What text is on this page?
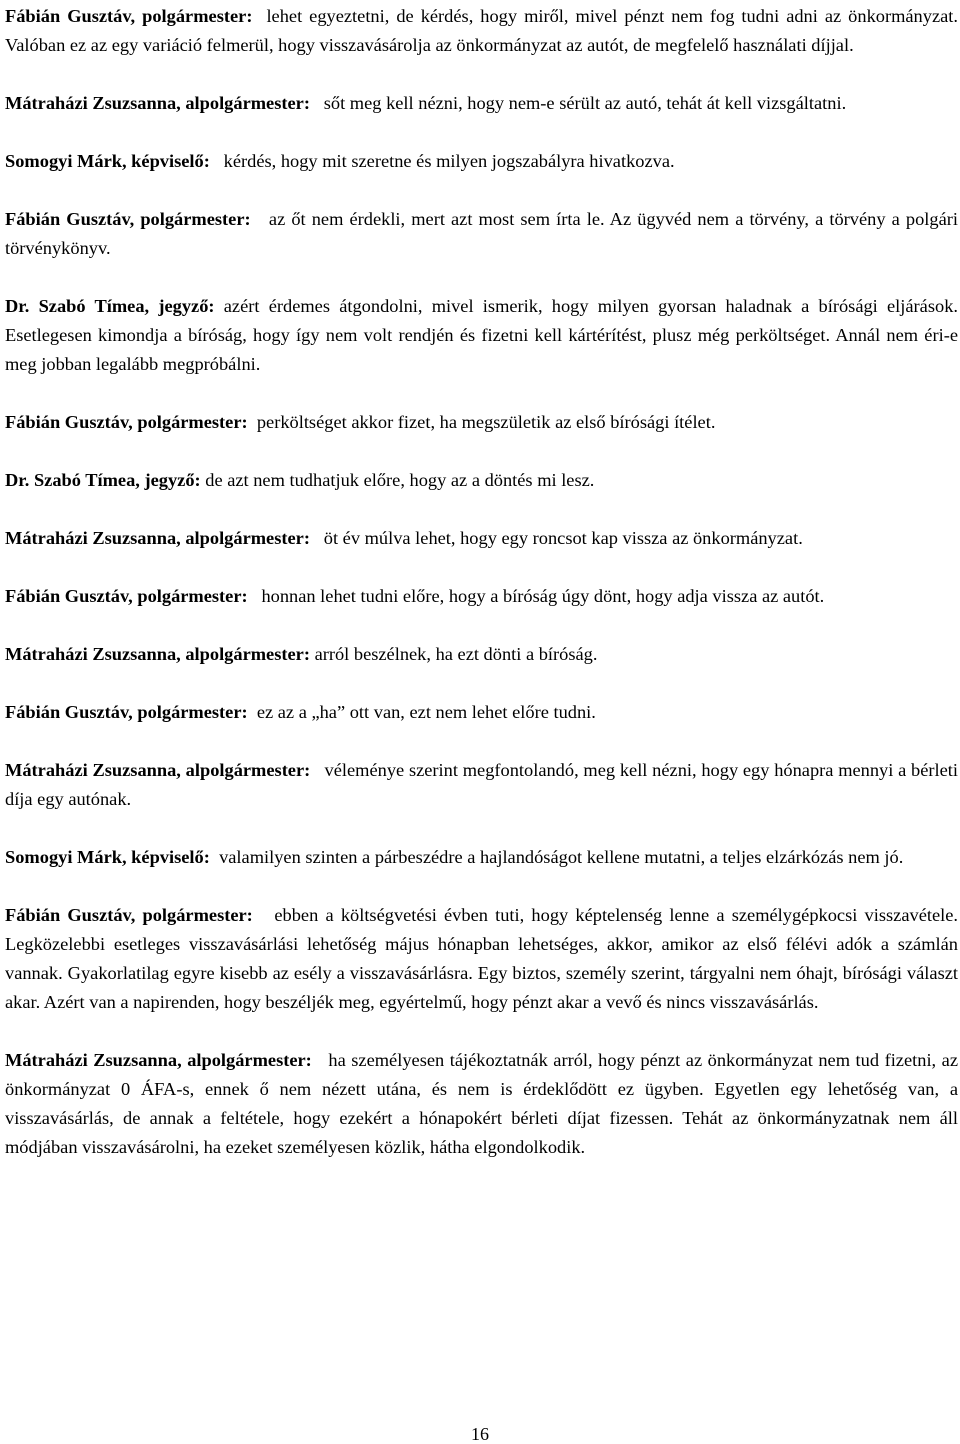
Fábián Gusztáv, polgármester: lehet egyeztetni, de kérdés, hogy miről, mivel pénzt nem fog tudni adni az önkormányzat. Valóban ez az egy variáció felmerül, hogy visszavásárolja az önkormányzat az autót, de megfelelő használati díjjal.

Mátraházi Zsuzsanna, alpolgármester: sőt meg kell nézni, hogy nem-e sérült az autó, tehát át kell vizsgáltatni.

Somogyi Márk, képviselő: kérdés, hogy mit szeretne és milyen jogszabályra hivatkozva.

Fábián Gusztáv, polgármester: az őt nem érdekli, mert azt most sem írta le. Az ügyvéd nem a törvény, a törvény a polgári törvénykönyv.

Dr. Szabó Tímea, jegyző: azért érdemes átgondolni, mivel ismerik, hogy milyen gyorsan haladnak a bírósági eljárások. Esetlegesen kimondja a bíróság, hogy így nem volt rendjén és fizetni kell kártérítést, plusz még perköltséget. Annál nem éri-e meg jobban legalább megpróbálni.

Fábián Gusztáv, polgármester: perköltséget akkor fizet, ha megszületik az első bírósági ítélet.

Dr. Szabó Tímea, jegyző: de azt nem tudhatjuk előre, hogy az a döntés mi lesz.

Mátraházi Zsuzsanna, alpolgármester: öt év múlva lehet, hogy egy roncsot kap vissza az önkormányzat.

Fábián Gusztáv, polgármester: honnan lehet tudni előre, hogy a bíróság úgy dönt, hogy adja vissza az autót.

Mátraházi Zsuzsanna, alpolgármester: arról beszélnek, ha ezt dönti a bíróság.

Fábián Gusztáv, polgármester: ez az a „ha” ott van, ezt nem lehet előre tudni.

Mátraházi Zsuzsanna, alpolgármester: véleménye szerint megfontolandó, meg kell nézni, hogy egy hónapra mennyi a bérleti díja egy autónak.

Somogyi Márk, képviselő: valamilyen szinten a párbeszédre a hajlandóságot kellene mutatni, a teljes elzárkózás nem jó.

Fábián Gusztáv, polgármester: ebben a költségvetési évben tuti, hogy képtelenség lenne a személygépkocsi visszavétele. Legközelebbi esetleges visszavásárlási lehetőség május hónapban lehetséges, akkor, amikor az első félévi adók a számlán vannak. Gyakorlatilag egyre kisebb az esély a visszavásárlásra. Egy biztos, személy szerint, tárgyalni nem óhajt, bírósági választ akar. Azért van a napirenden, hogy beszéljék meg, egyértelmű, hogy pénzt akar a vevő és nincs visszavásárlás.

Mátraházi Zsuzsanna, alpolgármester: ha személyesen tájékoztatnák arról, hogy pénzt az önkormányzat nem tud fizetni, az önkormányzat 0 ÁFA-s, ennek ő nem nézett utána, és nem is érdeklődött ez ügyben. Egyetlen egy lehetőség van, a visszavásárlás, de annak a feltétele, hogy ezekért a hónapokért bérleti díjat fizessen. Tehát az önkormányzatnak nem áll módjában visszavásárolni, ha ezeket személyesen közlik, hátha elgondolkodik.

16
